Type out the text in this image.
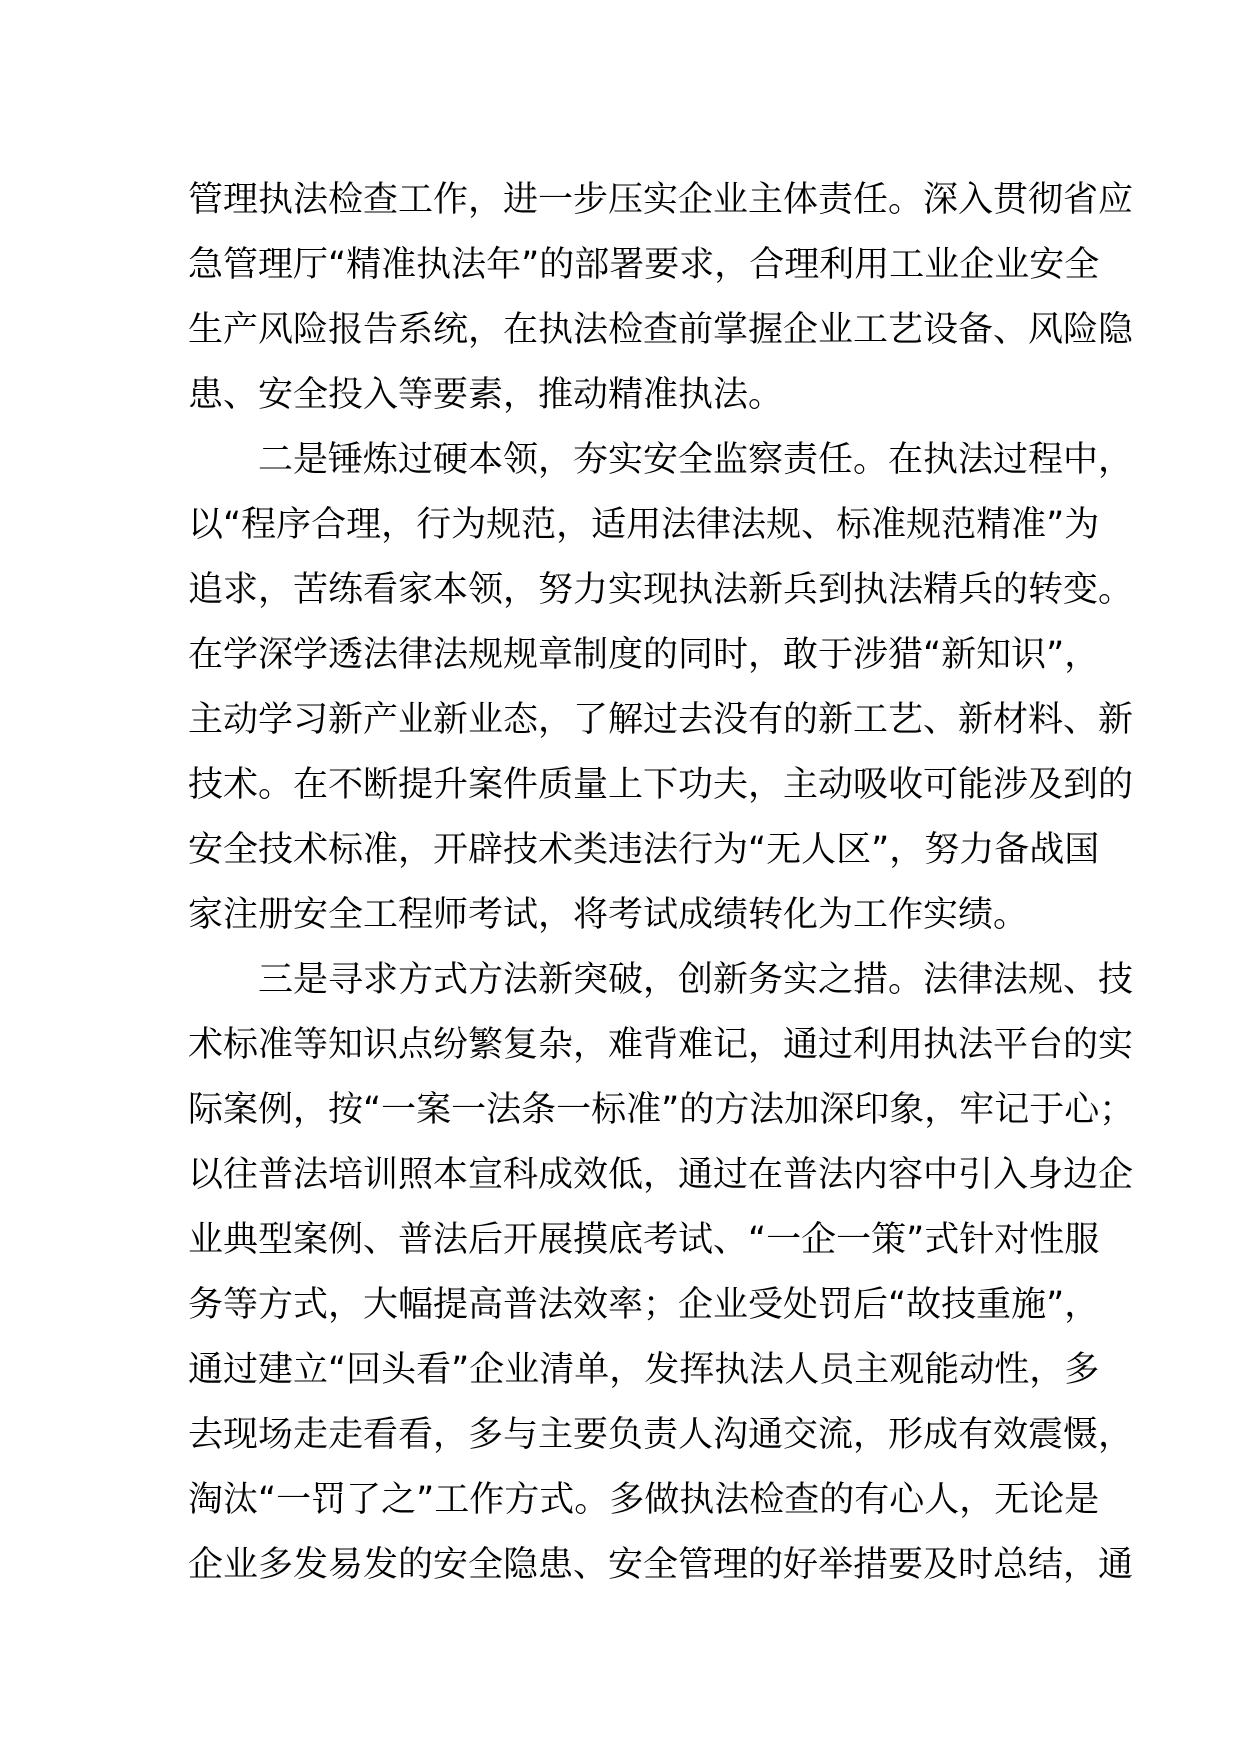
管理执法检查工作，进一步压实企业主体责任。深入贯彻省应
急管理厅“精准执法年”的部署要求，合理利用工业企业安全
生产风险报告系统，在执法检查前掌握企业工艺设备、风险隐
患、安全投入等要素，推动精准执法。
　　二是锤炼过硬本领，夯实安全监察责任。在执法过程中，
以“程序合理，行为规范，适用法律法规、标准规范精准”为
追求，苦练看家本领，努力实现执法新兵到执法精兵的转变。
在学深学透法律法规规章制度的同时，敢于涉猎“新知识”，
主动学习新产业新业态，了解过去没有的新工艺、新材料、新
技术。在不断提升案件质量上下功夫，主动吸收可能涉及到的
安全技术标准，开辟技术类违法行为“无人区”，努力备战国
家注册安全工程师考试，将考试成绩转化为工作实绩。
　　三是寻求方式方法新突破，创新务实之措。法律法规、技
术标准等知识点纷繁复杂，难背难记，通过利用执法平台的实
际案例，按“一案一法条一标准”的方法加深印象，牢记于心；
以往普法培训照本宣科成效低，通过在普法内容中引入身边企
业典型案例、普法后开展摸底考试、“一企一策”式针对性服
务等方式，大幅提高普法效率；企业受处罚后“故技重施”，
通过建立“回头看”企业清单，发挥执法人员主观能动性，多
去现场走走看看，多与主要负责人沟通交流，形成有效震慑，
淘汰“一罚了之”工作方式。多做执法检查的有心人，无论是
企业多发易发的安全隐患、安全管理的好举措要及时总结，通
